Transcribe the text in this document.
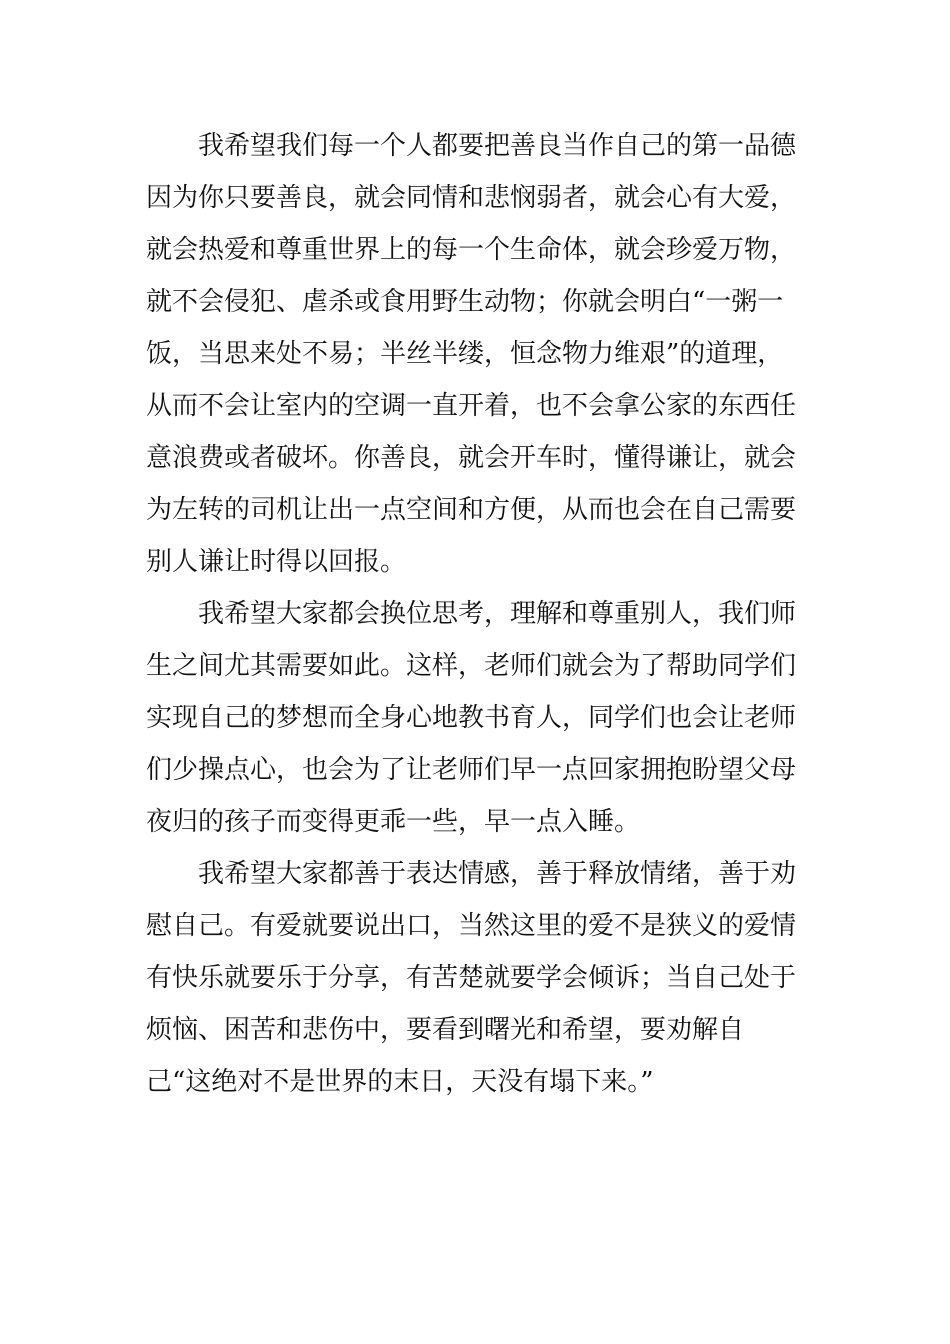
我希望我们每一个人都要把善良当作自己的第一品德
因为你只要善良，就会同情和悲悯弱者，就会心有大爱，
就会热爱和尊重世界上的每一个生命体，就会珍爱万物，
就不会侵犯、虐杀或食用野生动物；你就会明白“一粥一
饭，当思来处不易；半丝半缕，恒念物力维艰”的道理，
从而不会让室内的空调一直开着，也不会拿公家的东西任
意浪费或者破坏。你善良，就会开车时，懂得谦让，就会
为左转的司机让出一点空间和方便，从而也会在自己需要
别人谦让时得以回报。
我希望大家都会换位思考，理解和尊重别人，我们师
生之间尤其需要如此。这样，老师们就会为了帮助同学们
实现自己的梦想而全身心地教书育人，同学们也会让老师
们少操点心，也会为了让老师们早一点回家拥抱盼望父母
夜归的孩子而变得更乖一些，早一点入睡。
我希望大家都善于表达情感，善于释放情绪，善于劝
慰自己。有爱就要说出口，当然这里的爱不是狭义的爱情
有快乐就要乐于分享，有苦楚就要学会倾诉；当自己处于
烦恼、困苦和悲伤中，要看到曙光和希望，要劝解自
己“这绝对不是世界的末日，天没有塌下来。”
